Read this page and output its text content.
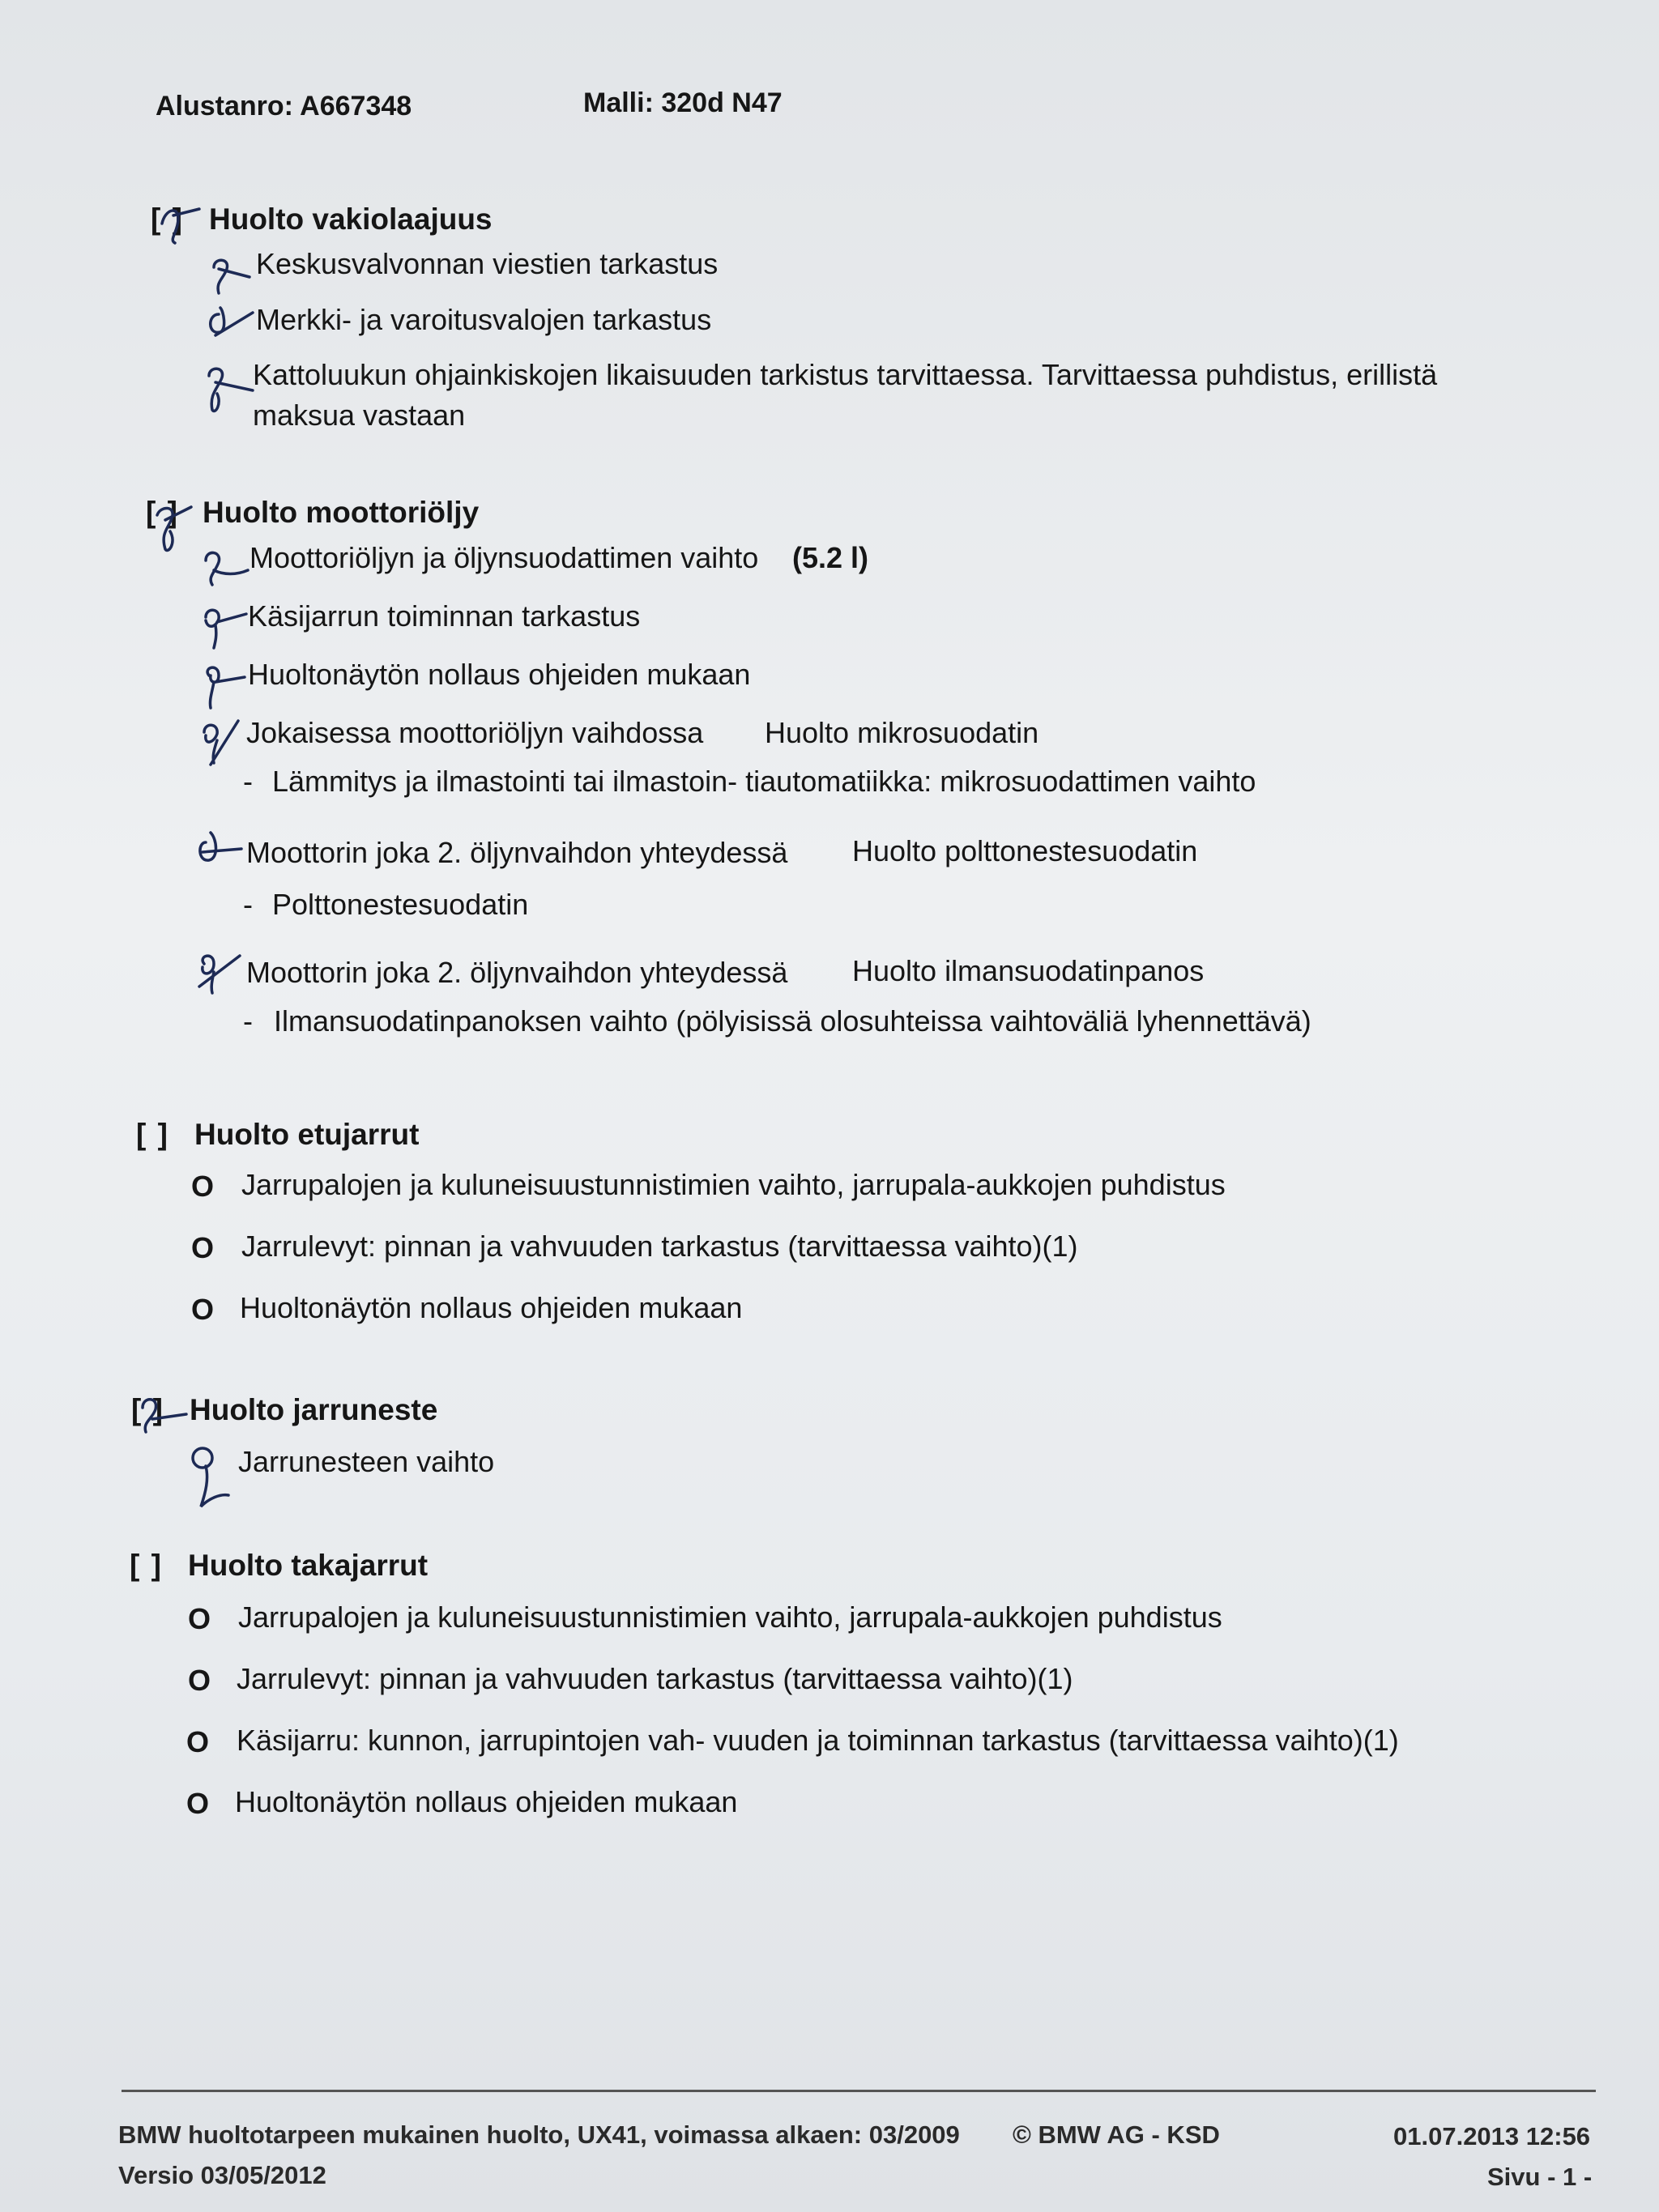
Alustanro: A667348	Malli: 320d N47
[ ] Huolto vakiolaajuus
Keskusvalvonnan viestien tarkastus
Merkki- ja varoitusvalojen tarkastus
Kattoluukun ohjainkiskojen likaisuuden tarkistus tarvittaessa. Tarvittaessa puhdistus, erillistä
maksua vastaan
[ ] Huolto moottoriöljy
Moottoriöljyn ja öljynsuodattimen vaihto (5.2 l)
Käsijarrun toiminnan tarkastus
Huoltonäytön nollaus ohjeiden mukaan
Jokaisessa moottoriöljyn vaihdossa Huolto mikrosuodatin
- Lämmitys ja ilmastointi tai ilmastoin- tiautomatiikka: mikrosuodattimen vaihto
Moottorin joka 2. öljynvaihdon yhteydessä Huolto polttonestesuodatin
- Polttonestesuodatin
Moottorin joka 2. öljynvaihdon yhteydessä Huolto ilmansuodatinpanos
- Ilmansuodatinpanoksen vaihto (pölyisissä olosuhteissa vaihtoväliä lyhennettävä)
[ ] Huolto etujarrut
O Jarrupalojen ja kuluneisuustunnistimien vaihto, jarrupala-aukkojen puhdistus
O Jarrulevyt: pinnan ja vahvuuden tarkastus (tarvittaessa vaihto)(1)
O Huoltonäytön nollaus ohjeiden mukaan
[ ] Huolto jarruneste
Jarrunesteen vaihto
[ ] Huolto takajarrut
O Jarrupalojen ja kuluneisuustunnistimien vaihto, jarrupala-aukkojen puhdistus
O Jarrulevyt: pinnan ja vahvuuden tarkastus (tarvittaessa vaihto)(1)
O Käsijarru: kunnon, jarrupintojen vah- vuuden ja toiminnan tarkastus (tarvittaessa vaihto)(1)
O Huoltonäytön nollaus ohjeiden mukaan
BMW huoltotarpeen mukainen huolto, UX41, voimassa alkaen: 03/2009 © BMW AG - KSD	01.07.2013 12:56
Versio 03/05/2012	Sivu - 1 -
